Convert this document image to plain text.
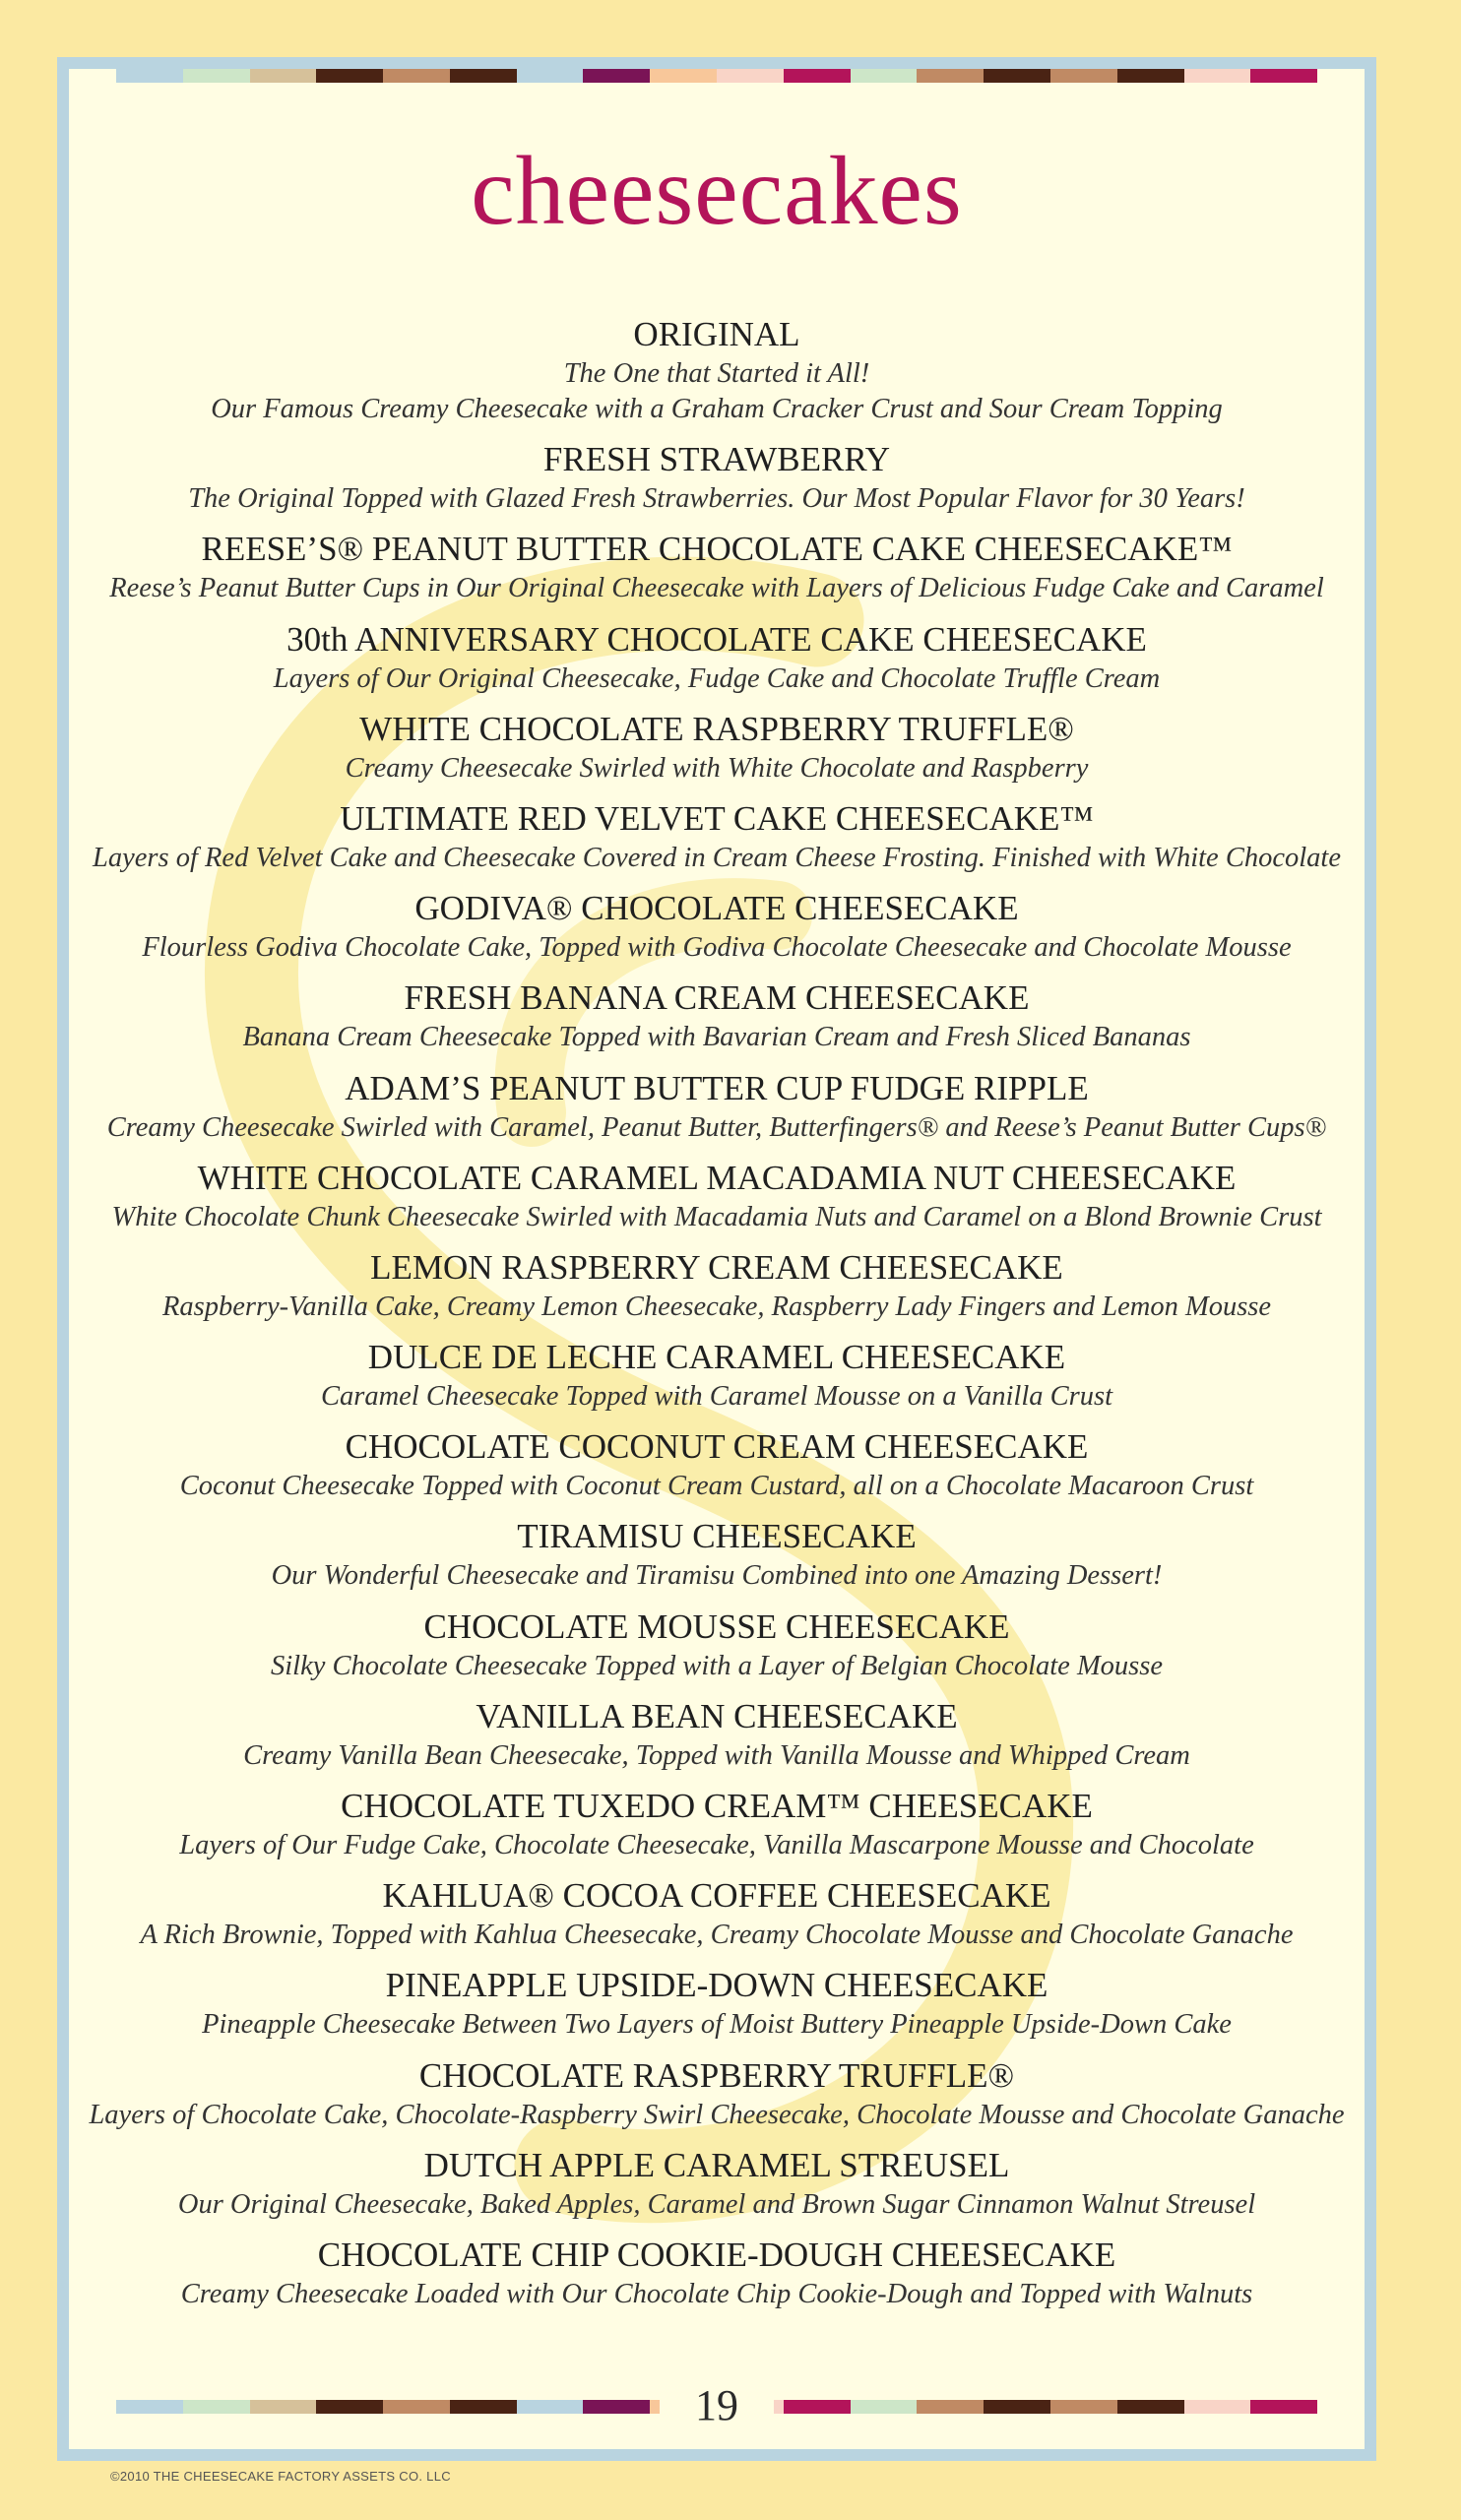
cheesecakes
ORIGINAL
The One that Started it All!
Our Famous Creamy Cheesecake with a Graham Cracker Crust and Sour Cream Topping
FRESH STRAWBERRY
The Original Topped with Glazed Fresh Strawberries. Our Most Popular Flavor for 30 Years!
REESE’S® PEANUT BUTTER CHOCOLATE CAKE CHEESECAKE™
Reese’s Peanut Butter Cups in Our Original Cheesecake with Layers of Delicious Fudge Cake and Caramel
30th ANNIVERSARY CHOCOLATE CAKE CHEESECAKE
Layers of Our Original Cheesecake, Fudge Cake and Chocolate Truffle Cream
WHITE CHOCOLATE RASPBERRY TRUFFLE®
Creamy Cheesecake Swirled with White Chocolate and Raspberry
ULTIMATE RED VELVET CAKE CHEESECAKE™
Layers of Red Velvet Cake and Cheesecake Covered in Cream Cheese Frosting. Finished with White Chocolate
GODIVA® CHOCOLATE CHEESECAKE
Flourless Godiva Chocolate Cake, Topped with Godiva Chocolate Cheesecake and Chocolate Mousse
FRESH BANANA CREAM CHEESECAKE
Banana Cream Cheesecake Topped with Bavarian Cream and Fresh Sliced Bananas
ADAM’S PEANUT BUTTER CUP FUDGE RIPPLE
Creamy Cheesecake Swirled with Caramel, Peanut Butter, Butterfingers® and Reese’s Peanut Butter Cups®
WHITE CHOCOLATE CARAMEL MACADAMIA NUT CHEESECAKE
White Chocolate Chunk Cheesecake Swirled with Macadamia Nuts and Caramel on a Blond Brownie Crust
LEMON RASPBERRY CREAM CHEESECAKE
Raspberry-Vanilla Cake, Creamy Lemon Cheesecake, Raspberry Lady Fingers and Lemon Mousse
DULCE DE LECHE CARAMEL CHEESECAKE
Caramel Cheesecake Topped with Caramel Mousse on a Vanilla Crust
CHOCOLATE COCONUT CREAM CHEESECAKE
Coconut Cheesecake Topped with Coconut Cream Custard, all on a Chocolate Macaroon Crust
TIRAMISU CHEESECAKE
Our Wonderful Cheesecake and Tiramisu Combined into one Amazing Dessert!
CHOCOLATE MOUSSE CHEESECAKE
Silky Chocolate Cheesecake Topped with a Layer of Belgian Chocolate Mousse
VANILLA BEAN CHEESECAKE
Creamy Vanilla Bean Cheesecake, Topped with Vanilla Mousse and Whipped Cream
CHOCOLATE TUXEDO CREAM™ CHEESECAKE
Layers of Our Fudge Cake, Chocolate Cheesecake, Vanilla Mascarpone Mousse and Chocolate
KAHLUA® COCOA COFFEE CHEESECAKE
A Rich Brownie, Topped with Kahlua Cheesecake, Creamy Chocolate Mousse and Chocolate Ganache
PINEAPPLE UPSIDE-DOWN CHEESECAKE
Pineapple Cheesecake Between Two Layers of Moist Buttery Pineapple Upside-Down Cake
CHOCOLATE RASPBERRY TRUFFLE®
Layers of Chocolate Cake, Chocolate-Raspberry Swirl Cheesecake, Chocolate Mousse and Chocolate Ganache
DUTCH APPLE CARAMEL STREUSEL
Our Original Cheesecake, Baked Apples, Caramel and Brown Sugar Cinnamon Walnut Streusel
CHOCOLATE CHIP COOKIE-DOUGH CHEESECAKE
Creamy Cheesecake Loaded with Our Chocolate Chip Cookie-Dough and Topped with Walnuts
19
©2010 THE CHEESECAKE FACTORY ASSETS CO. LLC
